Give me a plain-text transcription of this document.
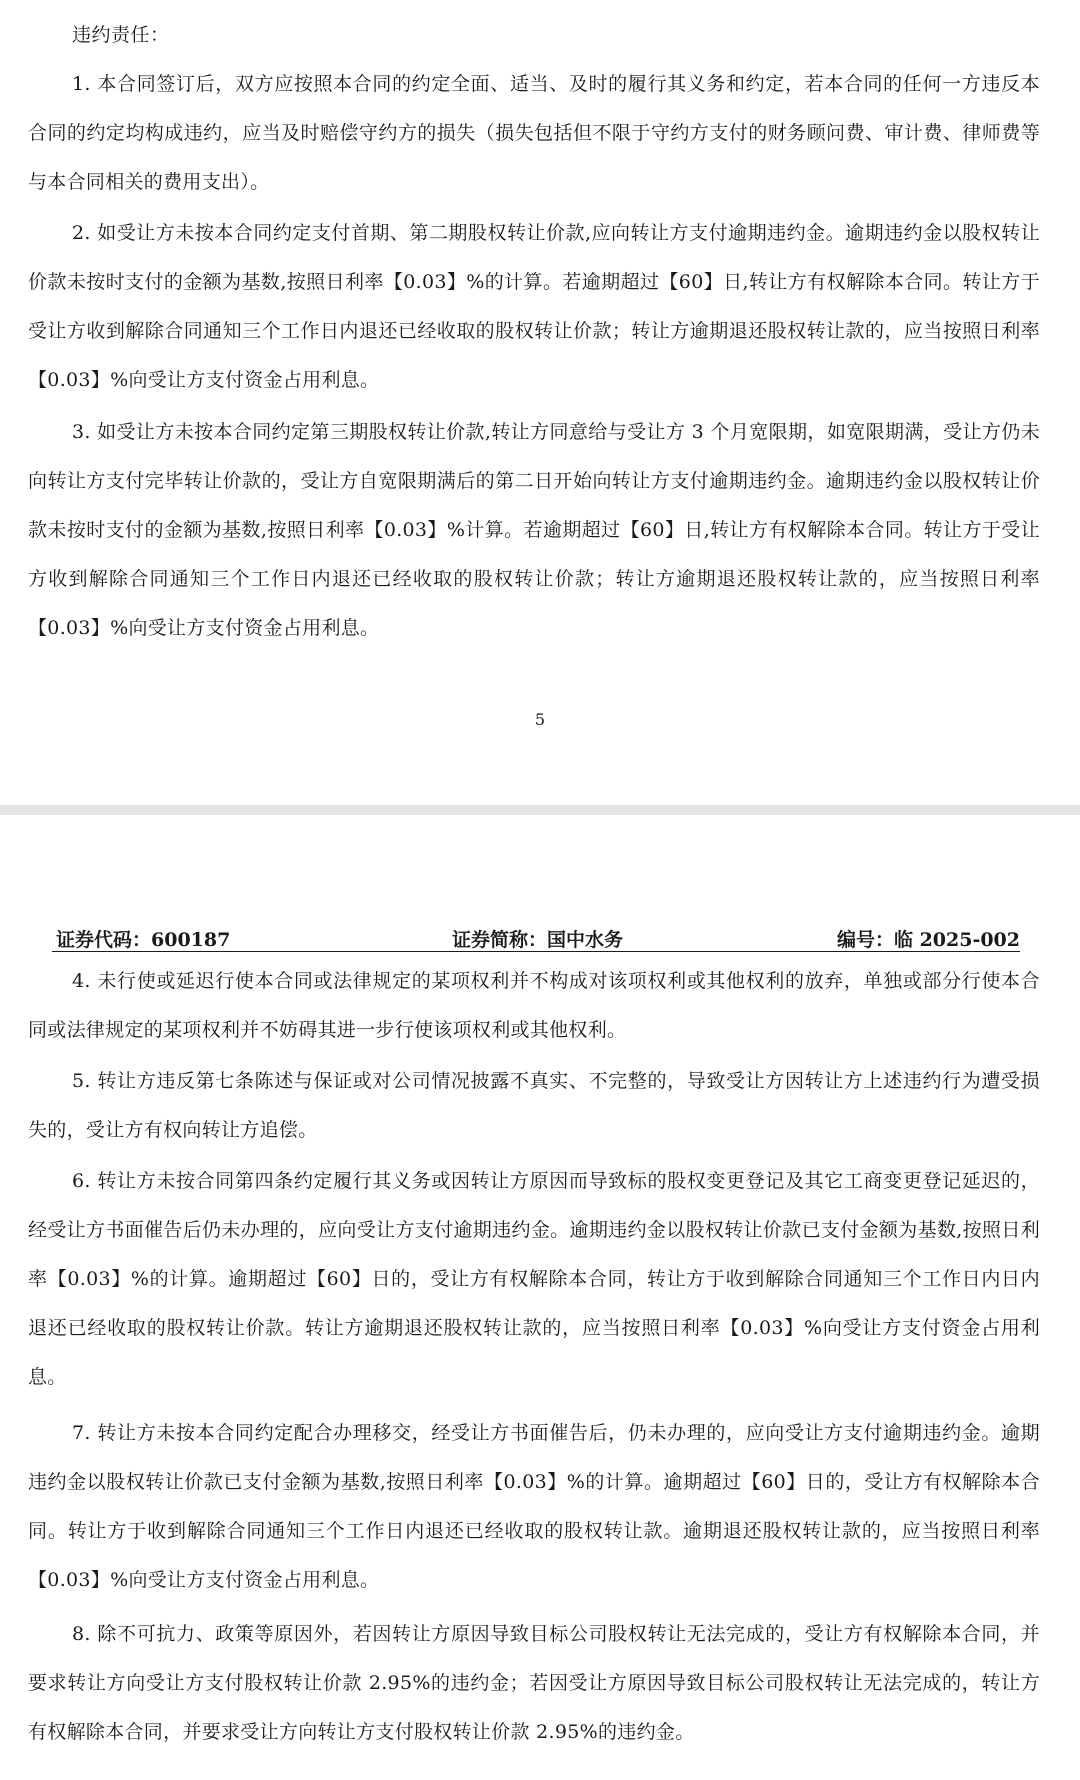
违约责任：

1. 本合同签订后，双方应按照本合同的约定全面、适当、及时的履行其义务和约定，若本合同的任何一方违反本合同的约定均构成违约，应当及时赔偿守约方的损失（损失包括但不限于守约方支付的财务顾问费、审计费、律师费等与本合同相关的费用支出）。

2. 如受让方未按本合同约定支付首期、第二期股权转让价款,应向转让方支付逾期违约金。逾期违约金以股权转让价款未按时支付的金额为基数,按照日利率【0.03】%的计算。若逾期超过【60】日,转让方有权解除本合同。转让方于受让方收到解除合同通知三个工作日内退还已经收取的股权转让价款；转让方逾期退还股权转让款的，应当按照日利率【0.03】%向受让方支付资金占用利息。

3. 如受让方未按本合同约定第三期股权转让价款,转让方同意给与受让方 3 个月宽限期，如宽限期满，受让方仍未向转让方支付完毕转让价款的，受让方自宽限期满后的第二日开始向转让方支付逾期违约金。逾期违约金以股权转让价款未按时支付的金额为基数,按照日利率【0.03】%计算。若逾期超过【60】日,转让方有权解除本合同。转让方于受让方收到解除合同通知三个工作日内退还已经收取的股权转让价款；转让方逾期退还股权转让款的，应当按照日利率【0.03】%向受让方支付资金占用利息。

5
证券代码：600187	证券简称：国中水务	编号：临 2025-002

4. 未行使或延迟行使本合同或法律规定的某项权利并不构成对该项权利或其他权利的放弃，单独或部分行使本合同或法律规定的某项权利并不妨碍其进一步行使该项权利或其他权利。

5. 转让方违反第七条陈述与保证或对公司情况披露不真实、不完整的，导致受让方因转让方上述违约行为遭受损失的，受让方有权向转让方追偿。

6. 转让方未按合同第四条约定履行其义务或因转让方原因而导致标的股权变更登记及其它工商变更登记延迟的，经受让方书面催告后仍未办理的，应向受让方支付逾期违约金。逾期违约金以股权转让价款已支付金额为基数,按照日利率【0.03】%的计算。逾期超过【60】日的，受让方有权解除本合同，转让方于收到解除合同通知三个工作日内日内退还已经收取的股权转让价款。转让方逾期退还股权转让款的，应当按照日利率【0.03】%向受让方支付资金占用利息。

7. 转让方未按本合同约定配合办理移交，经受让方书面催告后，仍未办理的，应向受让方支付逾期违约金。逾期违约金以股权转让价款已支付金额为基数,按照日利率【0.03】%的计算。逾期超过【60】日的，受让方有权解除本合同。转让方于收到解除合同通知三个工作日内退还已经收取的股权转让款。逾期退还股权转让款的，应当按照日利率【0.03】%向受让方支付资金占用利息。

8. 除不可抗力、政策等原因外，若因转让方原因导致目标公司股权转让无法完成的，受让方有权解除本合同，并要求转让方向受让方支付股权转让价款 2.95%的违约金；若因受让方原因导致目标公司股权转让无法完成的，转让方有权解除本合同，并要求受让方向转让方支付股权转让价款 2.95%的违约金。
